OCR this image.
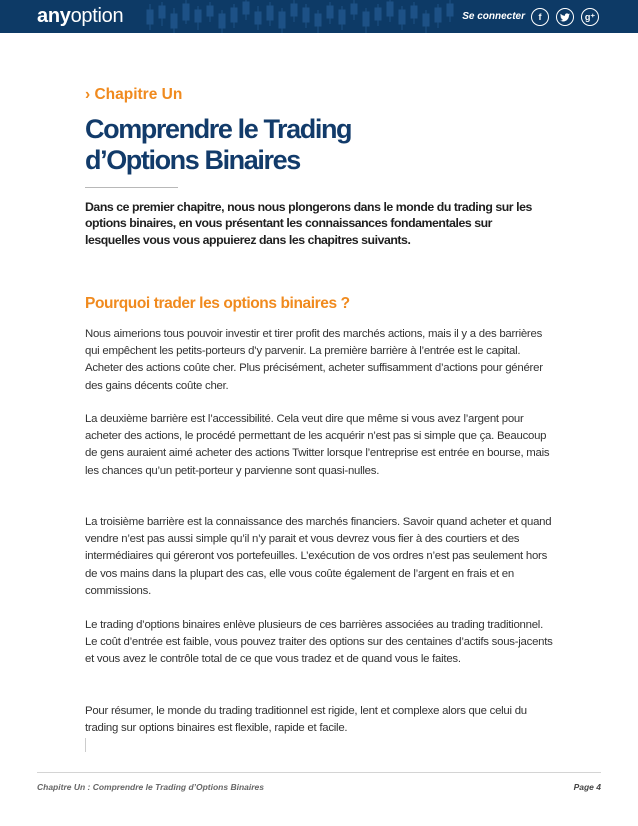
anyoption	Se connecter	f	g⁺
› Chapitre Un
Comprendre le Trading
d’Options Binaires

Dans ce premier chapitre, nous nous plongerons dans le monde du trading sur les options binaires, en vous présentant les connaissances fondamentales sur lesquelles vous vous appuierez dans les chapitres suivants.

Pourquoi trader les options binaires ?

Nous aimerions tous pouvoir investir et tirer profit des marchés actions, mais il y a des barrières qui empêchent les petits-porteurs d’y parvenir. La première barrière à l’entrée est le capital. Acheter des actions coûte cher. Plus précisément, acheter suffisamment d’actions pour générer des gains décents coûte cher.

La deuxième barrière est l’accessibilité. Cela veut dire que même si vous avez l’argent pour acheter des actions, le procédé permettant de les acquérir n’est pas si simple que ça. Beaucoup de gens auraient aimé acheter des actions Twitter lorsque l’entreprise est entrée en bourse, mais les chances qu’un petit-porteur y parvienne sont quasi-nulles.

La troisième barrière est la connaissance des marchés financiers. Savoir quand acheter et quand vendre n’est pas aussi simple qu’il n’y parait et vous devrez vous fier à des courtiers et des intermédiaires qui géreront vos portefeuilles. L’exécution de vos ordres n’est pas seulement hors de vos mains dans la plupart des cas, elle vous coûte également de l’argent en frais et en commissions.

Le trading d’options binaires enlève plusieurs de ces barrières associées au trading traditionnel. Le coût d’entrée est faible, vous pouvez traiter des options sur des centaines d’actifs sous-jacents et vous avez le contrôle total de ce que vous tradez et de quand vous le faites.

Pour résumer, le monde du trading traditionnel est rigide, lent et complexe alors que celui du trading sur options binaires est flexible, rapide et facile.

Chapitre Un : Comprendre le Trading d’Options Binaires	Page 4
